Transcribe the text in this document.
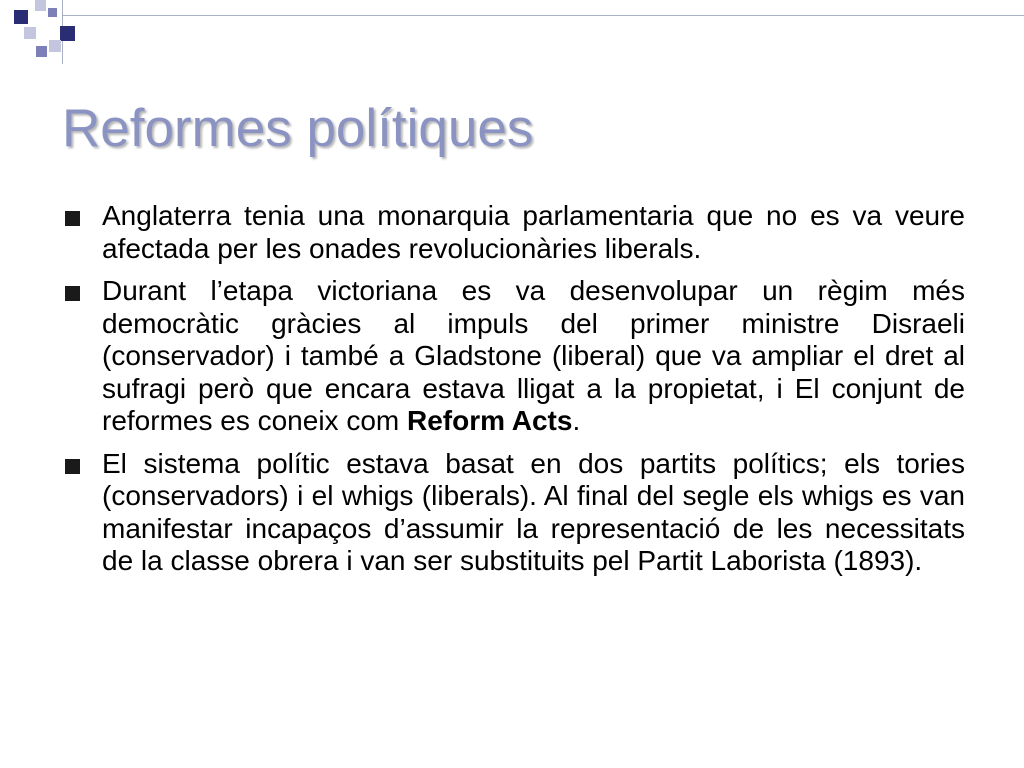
Reformes polítiques
Anglaterra tenia una monarquia parlamentaria que no es va veure afectada per les onades revolucionàries liberals.
Durant l’etapa victoriana es va desenvolupar un règim més democràtic gràcies al impuls del primer ministre Disraeli (conservador) i també a Gladstone (liberal) que va ampliar el dret al sufragi però que encara estava lligat a la propietat, i El conjunt de reformes es coneix com Reform Acts.
El sistema polític estava basat en dos partits polítics; els tories (conservadors) i el whigs (liberals). Al final del segle els whigs es van manifestar incapaços d’assumir la representació de les necessitats de la classe obrera i van ser substituits pel Partit Laborista (1893).
